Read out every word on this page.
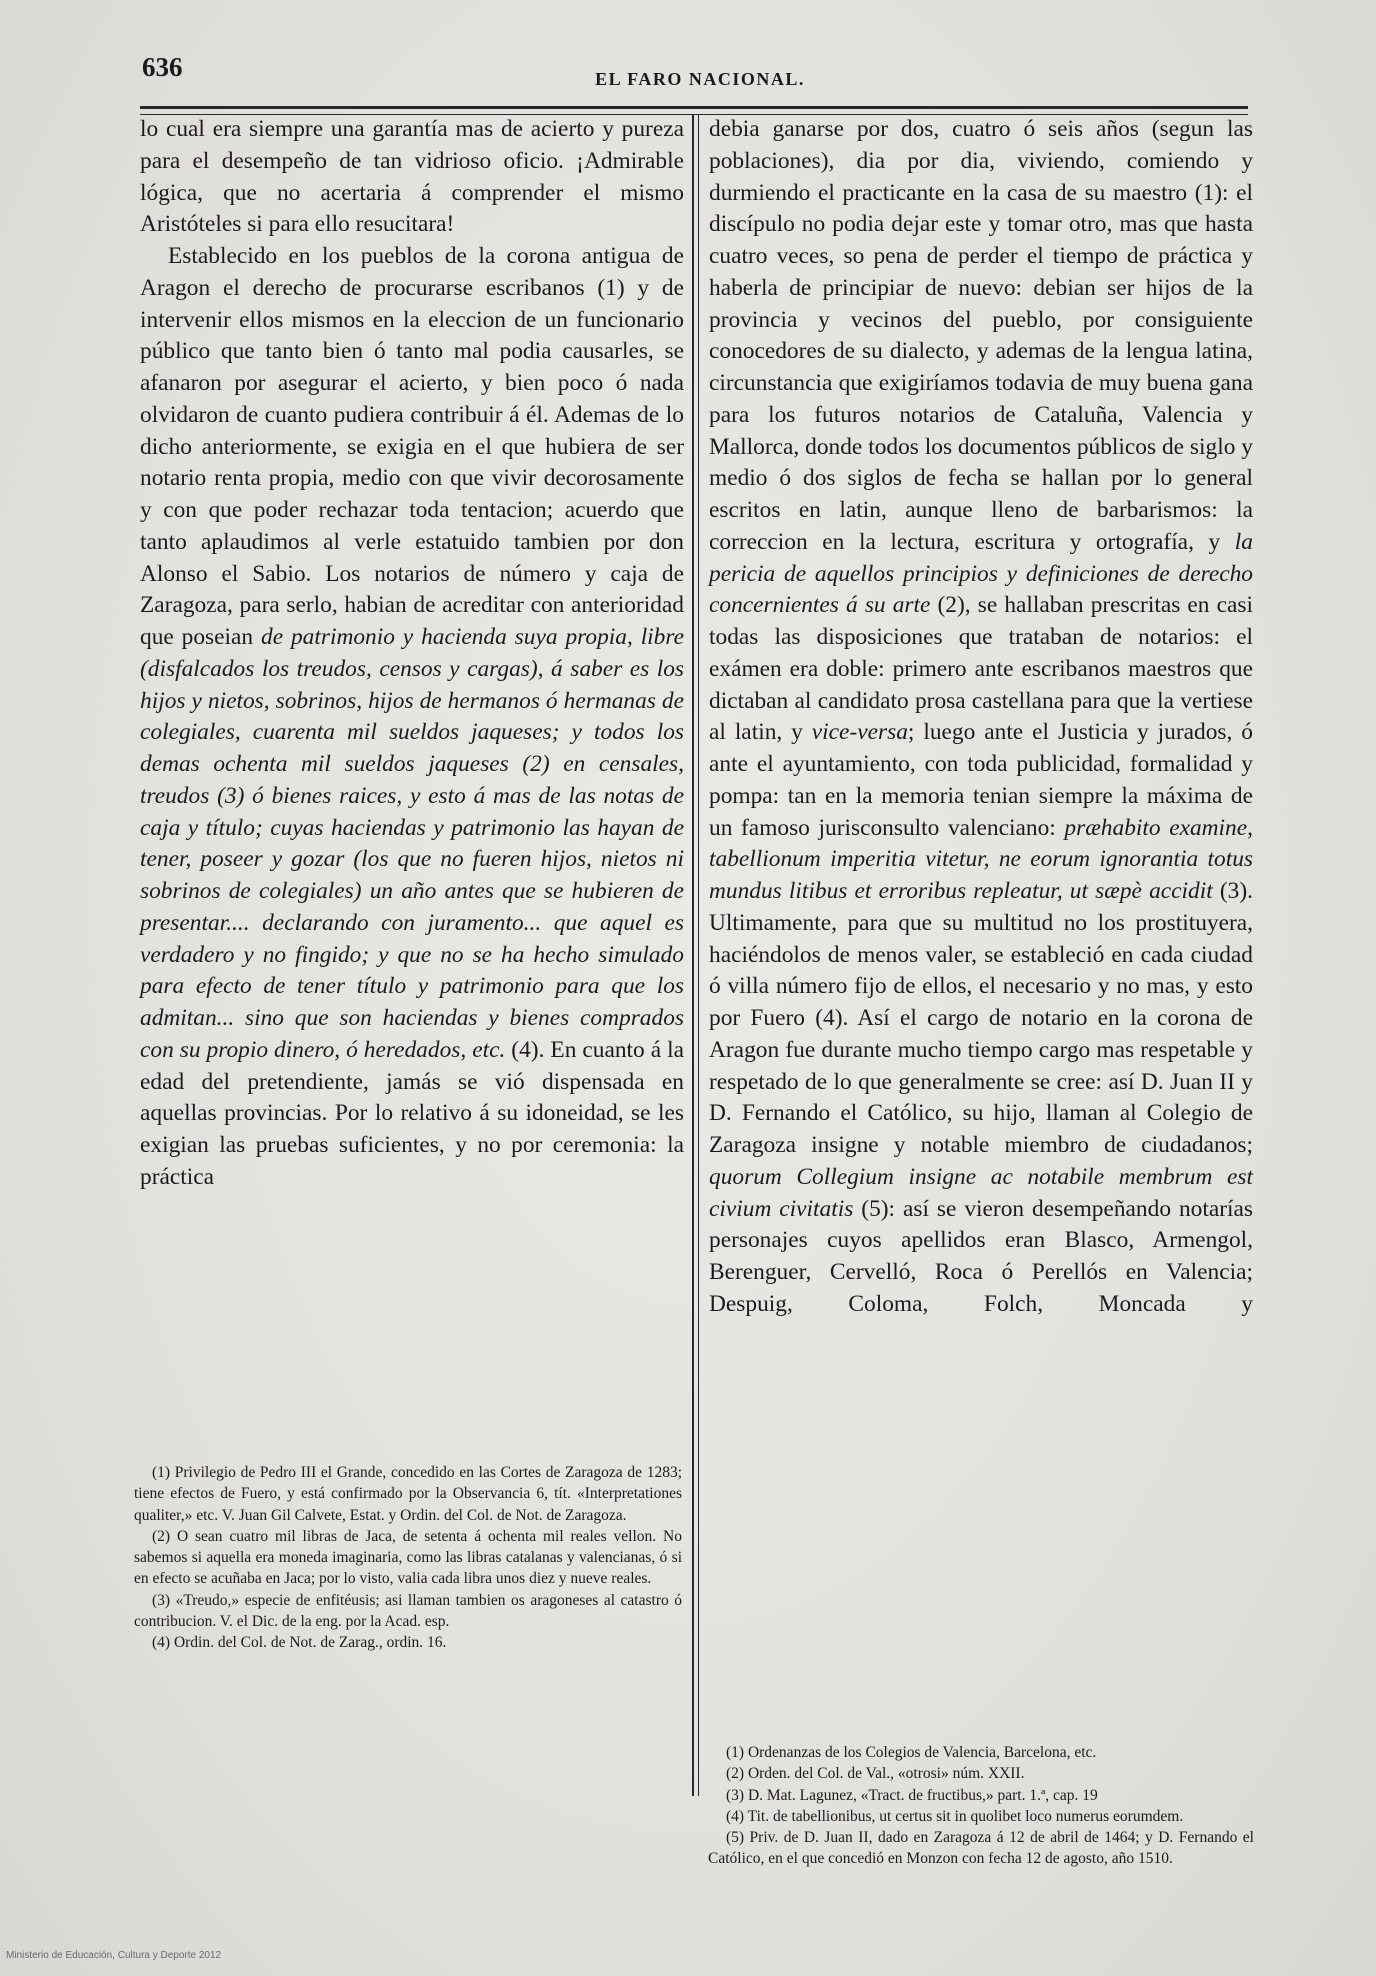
636	EL FARO NACIONAL.

lo cual era siempre una garantía mas de acierto y pureza para el desempeño de tan vidrioso oficio. ¡Admirable lógica, que no acertaria á comprender el mismo Aristóteles si para ello resucitara!

Establecido en los pueblos de la corona antigua de Aragon el derecho de procurarse escribanos (1) y de intervenir ellos mismos en la eleccion de un funcionario público que tanto bien ó tanto mal podia causarles, se afanaron por asegurar el acierto, y bien poco ó nada olvidaron de cuanto pudiera contribuir á él. Ademas de lo dicho anteriormente, se exigia en el que hubiera de ser notario renta propia, medio con que vivir decorosamente y con que poder rechazar toda tentacion; acuerdo que tanto aplaudimos al verle estatuido tambien por don Alonso el Sabio. Los notarios de número y caja de Zaragoza, para serlo, habian de acreditar con anterioridad que poseian de patrimonio y hacienda suya propia, libre (disfalcados los treudos, censos y cargas), á saber es los hijos y nietos, sobrinos, hijos de hermanos ó hermanas de colegiales, cuarenta mil sueldos jaqueses; y todos los demas ochenta mil sueldos jaqueses (2) en censales, treudos (3) ó bienes raices, y esto á mas de las notas de caja y título; cuyas haciendas y patrimonio las hayan de tener, poseer y gozar (los que no fueren hijos, nietos ni sobrinos de colegiales) un año antes que se hubieren de presentar.... declarando con juramento... que aquel es verdadero y no fingido; y que no se ha hecho simulado para efecto de tener título y patrimonio para que los admitan... sino que son haciendas y bienes comprados con su propio dinero, ó heredados, etc. (4). En cuanto á la edad del pretendiente, jamás se vió dispensada en aquellas provincias. Por lo relativo á su idoneidad, se les exigian las pruebas suficientes, y no por ceremonia: la práctica

debia ganarse por dos, cuatro ó seis años (segun las poblaciones), dia por dia, viviendo, comiendo y durmiendo el practicante en la casa de su maestro (1): el discípulo no podia dejar este y tomar otro, mas que hasta cuatro veces, so pena de perder el tiempo de práctica y haberla de principiar de nuevo: debian ser hijos de la provincia y vecinos del pueblo, por consiguiente conocedores de su dialecto, y ademas de la lengua latina, circunstancia que exigiríamos todavia de muy buena gana para los futuros notarios de Cataluña, Valencia y Mallorca, donde todos los documentos públicos de siglo y medio ó dos siglos de fecha se hallan por lo general escritos en latin, aunque lleno de barbarismos: la correccion en la lectura, escritura y ortografía, y la pericia de aquellos principios y definiciones de derecho concernientes á su arte (2), se hallaban prescritas en casi todas las disposiciones que trataban de notarios: el exámen era doble: primero ante escribanos maestros que dictaban al candidato prosa castellana para que la vertiese al latin, y vice-versa; luego ante el Justicia y jurados, ó ante el ayuntamiento, con toda publicidad, formalidad y pompa: tan en la memoria tenian siempre la máxima de un famoso jurisconsulto valenciano: præhabito examine, tabellionum imperitia vitetur, ne eorum ignorantia totus mundus litibus et erroribus repleatur, ut sæpè accidit (3). Ultimamente, para que su multitud no los prostituyera, haciéndolos de menos valer, se estableció en cada ciudad ó villa número fijo de ellos, el necesario y no mas, y esto por Fuero (4). Así el cargo de notario en la corona de Aragon fue durante mucho tiempo cargo mas respetable y respetado de lo que generalmente se cree: así D. Juan II y D. Fernando el Católico, su hijo, llaman al Colegio de Zaragoza insigne y notable miembro de ciudadanos; quorum Collegium insigne ac notabile membrum est civium civitatis (5): así se vieron desempeñando notarías personajes cuyos apellidos eran Blasco, Armengol, Berenguer, Cervelló, Roca ó Perellós en Valencia; Despuig, Coloma, Folch, Moncada y

(1) Privilegio de Pedro III el Grande, concedido en las Cortes de Zaragoza de 1283; tiene efectos de Fuero, y está confirmado por la Observancia 6, tít. «Interpretationes qualiter,» etc. V. Juan Gil Calvete, Estat. y Ordin. del Col. de Not. de Zaragoza.

(2) O sean cuatro mil libras de Jaca, de setenta á ochenta mil reales vellon. No sabemos si aquella era moneda imaginaria, como las libras catalanas y valencianas, ó si en efecto se acuñaba en Jaca; por lo visto, valia cada libra unos diez y nueve reales.

(3) «Treudo,» especie de enfitéusis; asi llaman tambien os aragoneses al catastro ó contribucion. V. el Dic. de la eng. por la Acad. esp.

(4) Ordin. del Col. de Not. de Zarag., ordin. 16.

(1) Ordenanzas de los Colegios de Valencia, Barcelona, etc.

(2) Orden. del Col. de Val., «otrosi» núm. XXII.

(3) D. Mat. Lagunez, «Tract. de fructibus,» part. 1.ª, cap. 19

(4) Tit. de tabellionibus, ut certus sit in quolibet loco numerus eorumdem.

(5) Priv. de D. Juan II, dado en Zaragoza á 12 de abril de 1464; y D. Fernando el Católico, en el que concedió en Monzon con fecha 12 de agosto, año 1510.

Ministerio de Educación, Cultura y Deporte 2012
